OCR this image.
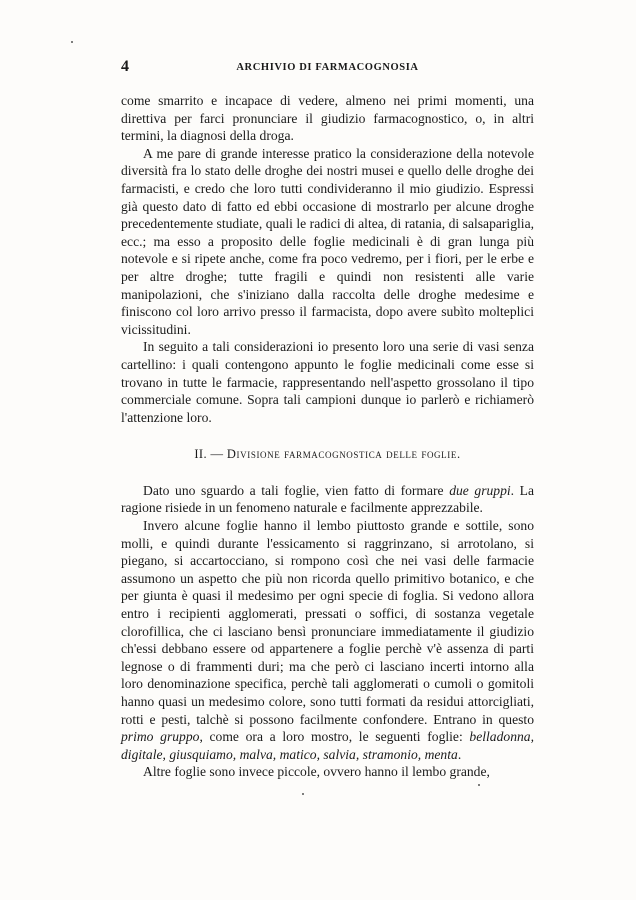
4	ARCHIVIO DI FARMACOGNOSIA

come smarrito e incapace di vedere, almeno nei primi momenti, una direttiva per farci pronunciare il giudizio farmacognostico, o, in altri termini, la diagnosi della droga.

A me pare di grande interesse pratico la considerazione della notevole diversità fra lo stato delle droghe dei nostri musei e quello delle droghe dei farmacisti, e credo che loro tutti condivideranno il mio giudizio. Espressi già questo dato di fatto ed ebbi occasione di mostrarlo per alcune droghe precedentemente studiate, quali le radici di altea, di ratania, di salsapariglia, ecc.; ma esso a proposito delle foglie medicinali è di gran lunga più notevole e si ripete anche, come fra poco vedremo, per i fiori, per le erbe e per altre droghe; tutte fragili e quindi non resistenti alle varie manipolazioni, che s'iniziano dalla raccolta delle droghe medesime e finiscono col loro arrivo presso il farmacista, dopo avere subìto molteplici vicissitudini.

In seguito a tali considerazioni io presento loro una serie di vasi senza cartellino: i quali contengono appunto le foglie medicinali come esse si trovano in tutte le farmacie, rappresentando nell'aspetto grossolano il tipo commerciale comune. Sopra tali campioni dunque io parlerò e richiamerò l'attenzione loro.

II. — Divisione farmacognostica delle foglie.

Dato uno sguardo a tali foglie, vien fatto di formare due gruppi. La ragione risiede in un fenomeno naturale e facilmente apprezzabile.

Invero alcune foglie hanno il lembo piuttosto grande e sottile, sono molli, e quindi durante l'essicamento si raggrinzano, si arrotolano, si piegano, si accartocciano, si rompono così che nei vasi delle farmacie assumono un aspetto che più non ricorda quello primitivo botanico, e che per giunta è quasi il medesimo per ogni specie di foglia. Si vedono allora entro i recipienti agglomerati, pressati o soffici, di sostanza vegetale clorofillica, che ci lasciano bensì pronunciare immediatamente il giudizio ch'essi debbano essere od appartenere a foglie perchè v'è assenza di parti legnose o di frammenti duri; ma che però ci lasciano incerti intorno alla loro denominazione specifica, perchè tali agglomerati o cumoli o gomitoli hanno quasi un medesimo colore, sono tutti formati da residui attorcigliati, rotti e pesti, talchè si possono facilmente confondere. Entrano in questo primo gruppo, come ora a loro mostro, le seguenti foglie: belladonna, digitale, giusquiamo, malva, matico, salvia, stramonio, menta.

Altre foglie sono invece piccole, ovvero hanno il lembo grande,
